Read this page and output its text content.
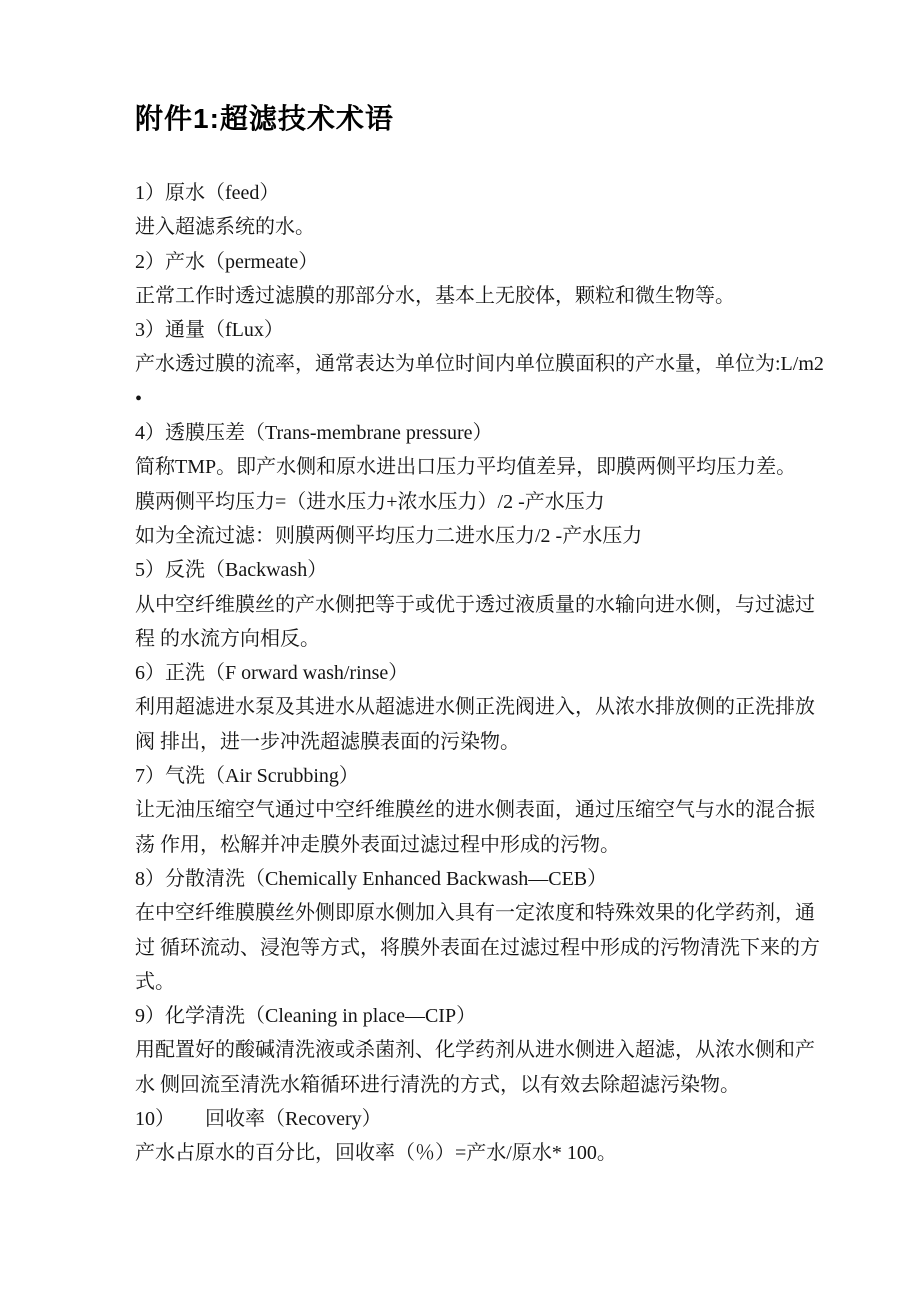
附件1:超滤技术术语
1）原水（feed）
进入超滤系统的水。
2）产水（permeate）
正常工作时透过滤膜的那部分水，基本上无胶体，颗粒和微生物等。
3）通量（fLux）
产水透过膜的流率，通常表达为单位时间内单位膜面积的产水量，单位为:L/m2
•
4）透膜压差（Trans-membrane pressure）
简称TMP。即产水侧和原水进出口压力平均值差异，即膜两侧平均压力差。
膜两侧平均压力=（进水压力+浓水压力）/2 -产水压力
如为全流过滤：则膜两侧平均压力二进水压力/2 -产水压力
5）反洗（Backwash）
从中空纤维膜丝的产水侧把等于或优于透过液质量的水输向进水侧，与过滤过
程 的水流方向相反。
6）正洗（F orward wash/rinse）
利用超滤进水泵及其进水从超滤进水侧正洗阀进入，从浓水排放侧的正洗排放
阀 排出，进一步冲洗超滤膜表面的污染物。
7）气洗（Air Scrubbing）
让无油压缩空气通过中空纤维膜丝的进水侧表面，通过压缩空气与水的混合振
荡 作用，松解并冲走膜外表面过滤过程中形成的污物。
8）分散清洗（Chemically Enhanced Backwash—CEB）
在中空纤维膜膜丝外侧即原水侧加入具有一定浓度和特殊效果的化学药剂，通
过 循环流动、浸泡等方式，将膜外表面在过滤过程中形成的污物清洗下来的方
式。
9）化学清洗（Cleaning in place—CIP）
用配置好的酸碱清洗液或杀菌剂、化学药剂从进水侧进入超滤，从浓水侧和产
水 侧回流至清洗水箱循环进行清洗的方式，以有效去除超滤污染物。
10）　　回收率（Recovery）
产水占原水的百分比，回收率（％）=产水/原水* 100。
